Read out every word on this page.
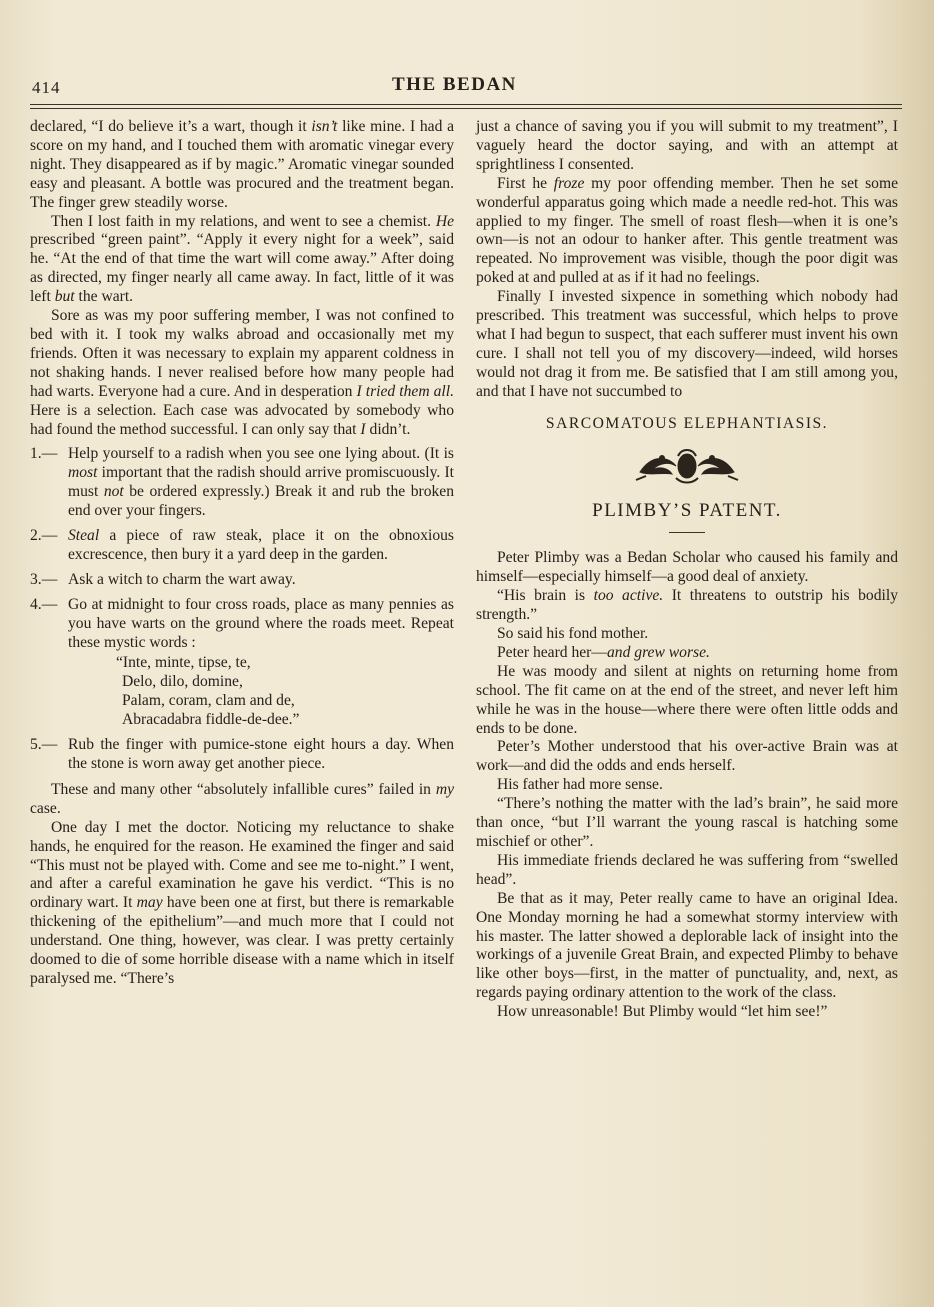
414	THE BEDAN

declared, “I do believe it’s a wart, though it isn’t like mine. I had a score on my hand, and I touched them with aromatic vinegar every night. They disappeared as if by magic.” Aromatic vinegar sounded easy and pleasant. A bottle was procured and the treatment began. The finger grew steadily worse.

Then I lost faith in my relations, and went to see a chemist. He prescribed “green paint”. “Apply it every night for a week”, said he. “At the end of that time the wart will come away.” After doing as directed, my finger nearly all came away. In fact, little of it was left but the wart.

Sore as was my poor suffering member, I was not confined to bed with it. I took my walks abroad and occasionally met my friends. Often it was necessary to explain my apparent coldness in not shaking hands. I never realised before how many people had had warts. Everyone had a cure. And in desperation I tried them all. Here is a selection. Each case was advocated by somebody who had found the method successful. I can only say that I didn’t.

1.— Help yourself to a radish when you see one lying about. (It is most important that the radish should arrive promiscuously. It must not be ordered expressly.) Break it and rub the broken end over your fingers.
2.— Steal a piece of raw steak, place it on the obnoxious excrescence, then bury it a yard deep in the garden.
3.— Ask a witch to charm the wart away.
4.— Go at midnight to four cross roads, place as many pennies as you have warts on the ground where the roads meet. Repeat these mystic words :
“Inte, minte, tipse, te,
Delo, dilo, domine,
Palam, coram, clam and de,
Abracadabra fiddle-de-dee.”
5.— Rub the finger with pumice-stone eight hours a day. When the stone is worn away get another piece.

These and many other “absolutely infallible cures” failed in my case.

One day I met the doctor. Noticing my reluctance to shake hands, he enquired for the reason. He examined the finger and said “This must not be played with. Come and see me to-night.” I went, and after a careful examination he gave his verdict. “This is no ordinary wart. It may have been one at first, but there is remarkable thickening of the epithelium”—and much more that I could not understand. One thing, however, was clear. I was pretty certainly doomed to die of some horrible disease with a name which in itself paralysed me. “There’s

just a chance of saving you if you will submit to my treatment”, I vaguely heard the doctor saying, and with an attempt at sprightliness I consented.

First he froze my poor offending member. Then he set some wonderful apparatus going which made a needle red-hot. This was applied to my finger. The smell of roast flesh—when it is one’s own—is not an odour to hanker after. This gentle treatment was repeated. No improvement was visible, though the poor digit was poked at and pulled at as if it had no feelings.

Finally I invested sixpence in something which nobody had prescribed. This treatment was successful, which helps to prove what I had begun to suspect, that each sufferer must invent his own cure. I shall not tell you of my discovery—indeed, wild horses would not drag it from me. Be satisfied that I am still among you, and that I have not succumbed to

SARCOMATOUS ELEPHANTIASIS.
PLIMBY’S PATENT.

Peter Plimby was a Bedan Scholar who caused his family and himself—especially himself—a good deal of anxiety.

“His brain is too active. It threatens to outstrip his bodily strength.”

So said his fond mother.

Peter heard her—and grew worse.

He was moody and silent at nights on returning home from school. The fit came on at the end of the street, and never left him while he was in the house—where there were often little odds and ends to be done.

Peter’s Mother understood that his over-active Brain was at work—and did the odds and ends herself.

His father had more sense.

“There’s nothing the matter with the lad’s brain”, he said more than once, “but I’ll warrant the young rascal is hatching some mischief or other”.

His immediate friends declared he was suffering from “swelled head”.

Be that as it may, Peter really came to have an original Idea. One Monday morning he had a somewhat stormy interview with his master. The latter showed a deplorable lack of insight into the workings of a juvenile Great Brain, and expected Plimby to behave like other boys—first, in the matter of punctuality, and, next, as regards paying ordinary attention to the work of the class.

How unreasonable! But Plimby would “let him see!”
